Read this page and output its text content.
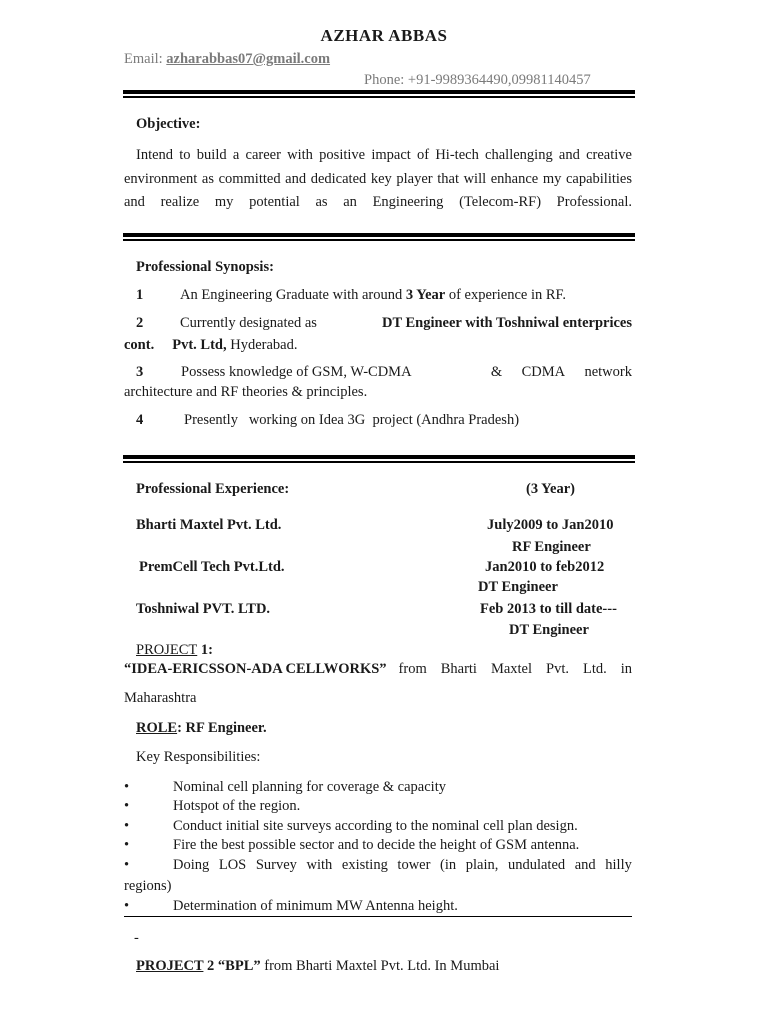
AZHAR ABBAS
Email: azharabbas07@gmail.com
Phone: +91-9989364490,09981140457
Objective:
Intend to build a career with positive impact of Hi-tech challenging and creative environment as committed and dedicated key player that will enhance my capabilities and realize my potential as an Engineering (Telecom-RF) Professional.
Professional Synopsis:
1	An Engineering Graduate with around 3 Year of experience in RF.
2	Currently designated as	DT Engineer with Toshniwal enterprices
cont. Pvt. Ltd, Hyderabad.
3	Possess knowledge of GSM, W-CDMA	& CDMA network
architecture and RF theories & principles.
4	Presently   working on Idea 3G  project (Andhra Pradesh)
Professional Experience:	(3 Year)
Bharti Maxtel Pvt. Ltd.	July2009 to Jan2010
RF Engineer
PremCell Tech Pvt.Ltd.	Jan2010 to feb2012
DT Engineer
Toshniwal PVT. LTD.	Feb 2013 to till date---
DT Engineer
PROJECT 1:
“IDEA-ERICSSON-ADA CELLWORKS” from Bharti Maxtel Pvt. Ltd. in
Maharashtra
ROLE: RF Engineer.
Key Responsibilities:
•	Nominal cell planning for coverage & capacity
•	Hotspot of the region.
•	Conduct initial site surveys according to the nominal cell plan design.
•	Fire the best possible sector and to decide the height of GSM antenna.
•	Doing LOS Survey with existing tower (in plain, undulated and hilly
regions)
•	Determination of minimum MW Antenna height.
-
PROJECT 2 “BPL” from Bharti Maxtel Pvt. Ltd. In Mumbai
